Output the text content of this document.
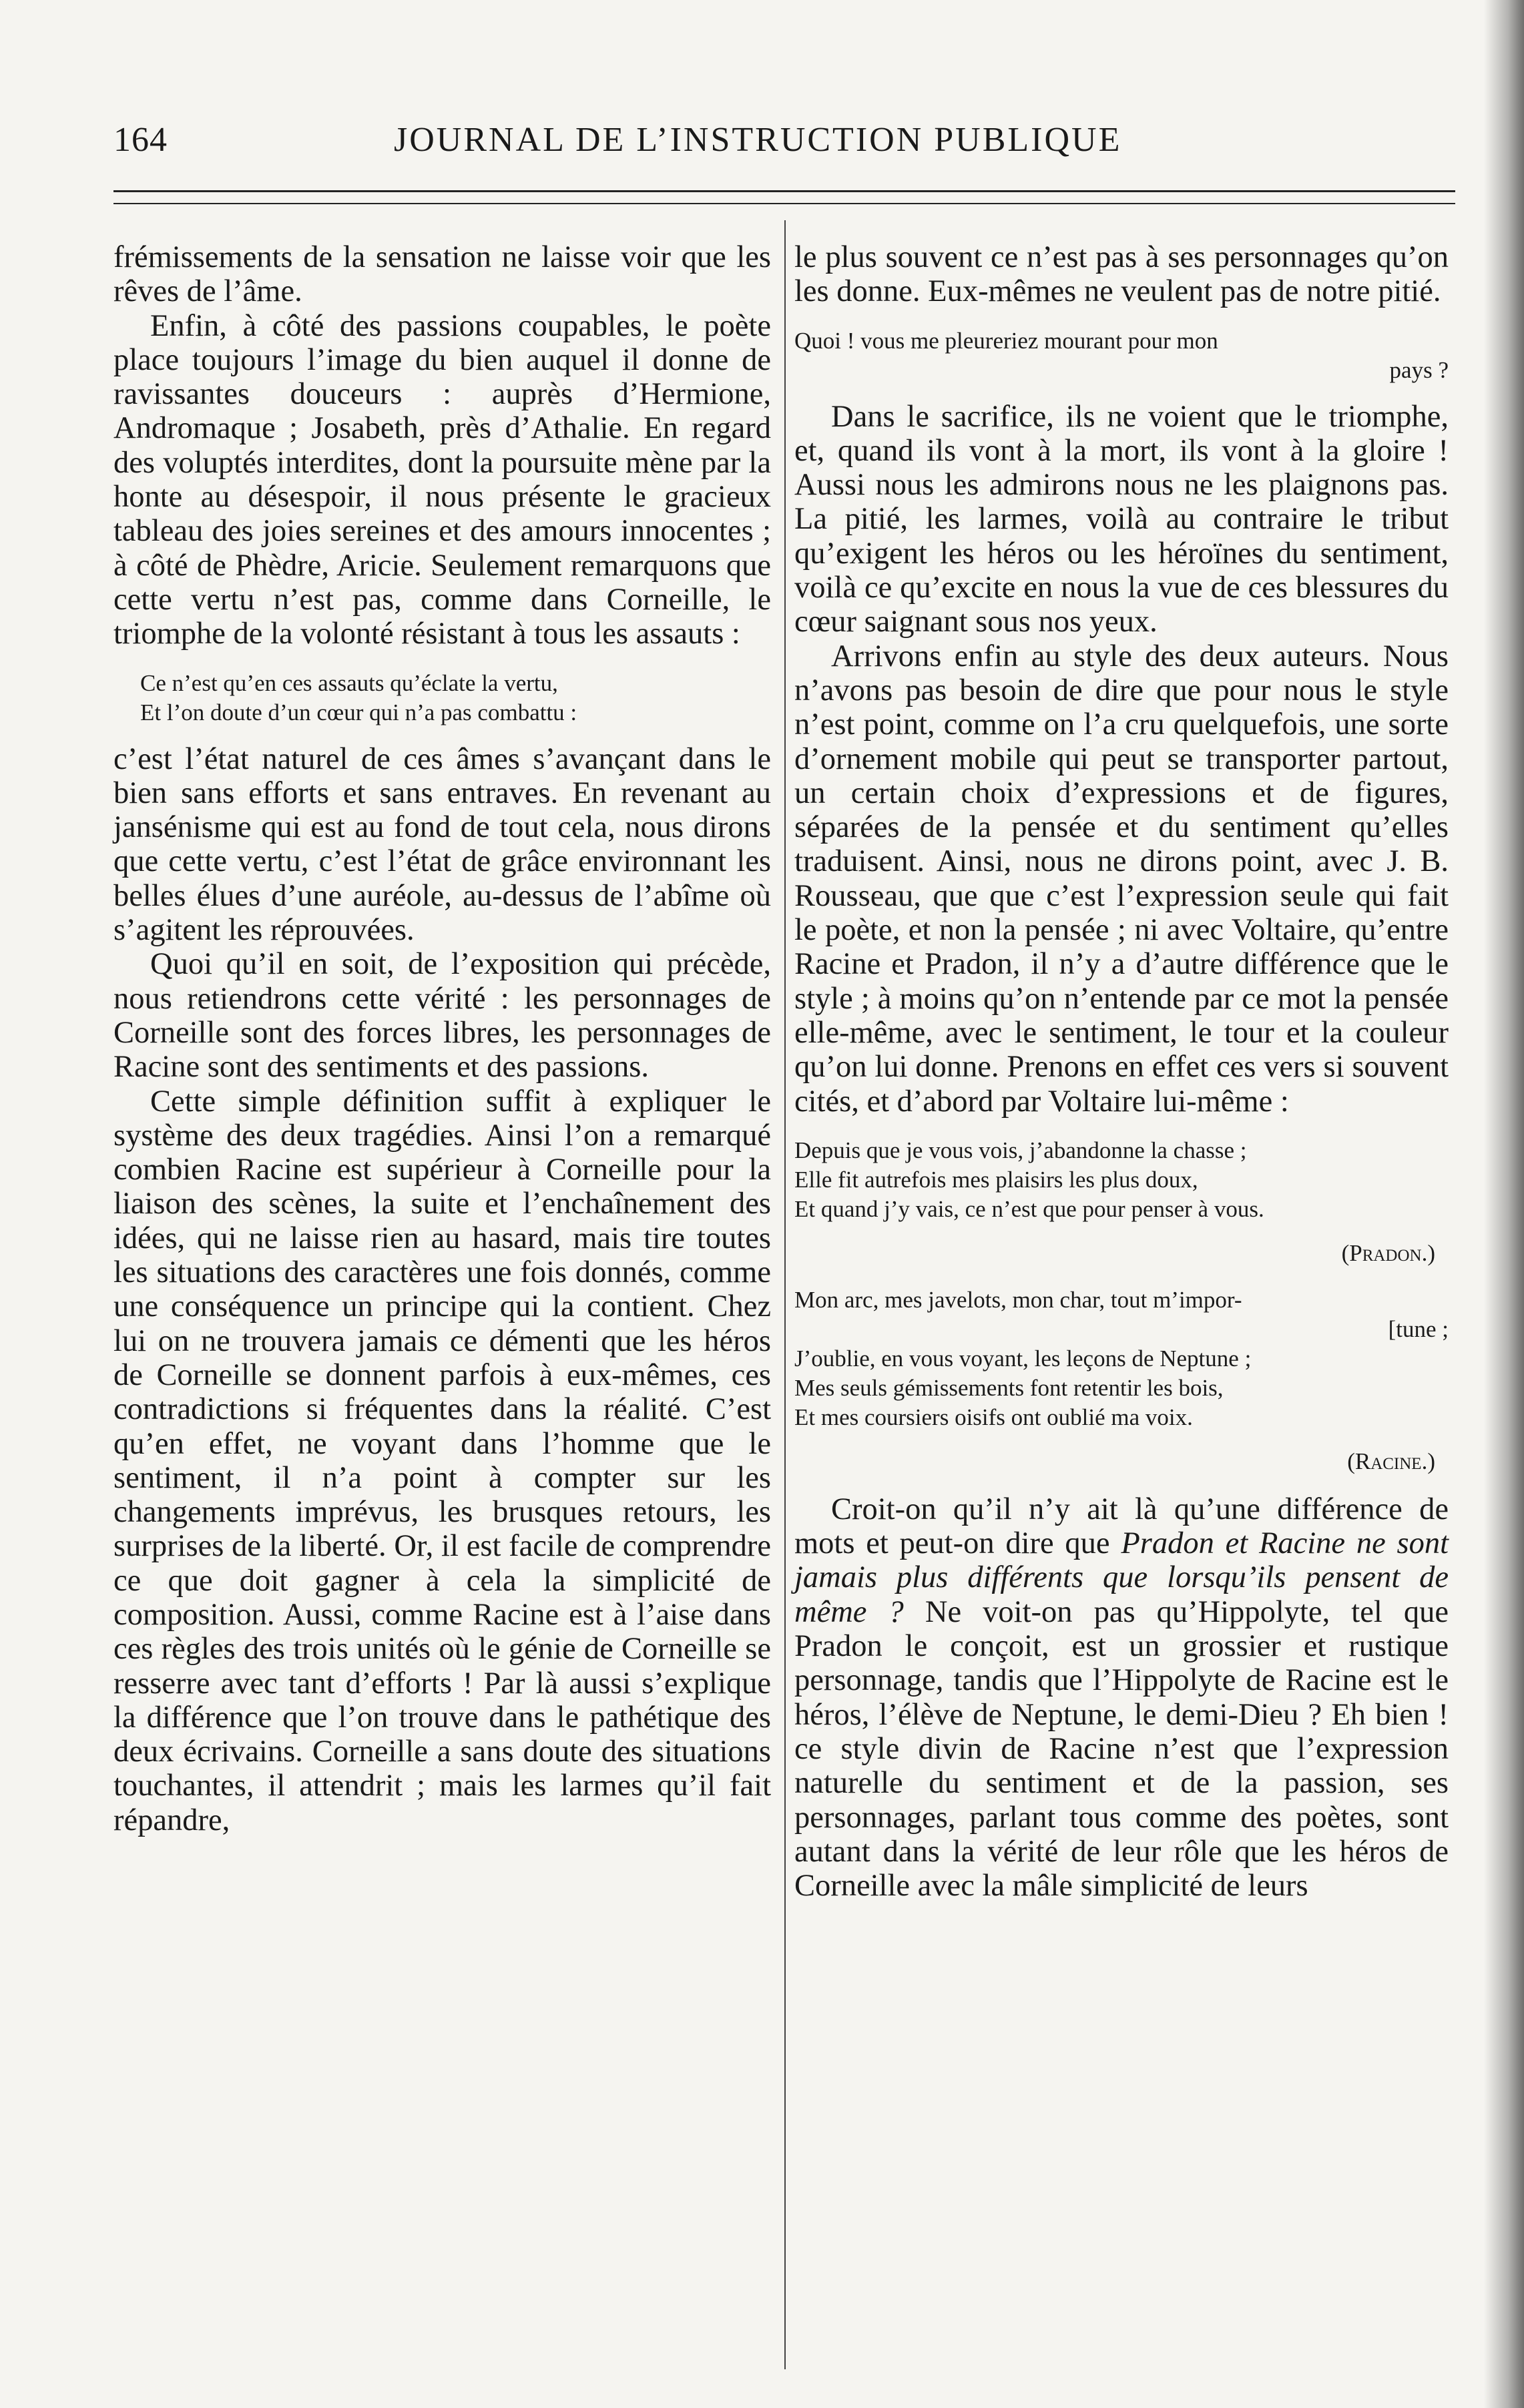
164	JOURNAL DE L’INSTRUCTION PUBLIQUE

frémissements de la sensation ne laisse voir que les rêves de l’âme.

Enfin, à côté des passions coupables, le poète place toujours l’image du bien auquel il donne de ravissantes douceurs : auprès d’Hermione, Andromaque ; Josabeth, près d’Athalie. En regard des voluptés interdites, dont la poursuite mène par la honte au désespoir, il nous présente le gracieux tableau des joies sereines et des amours innocentes ; à côté de Phèdre, Aricie. Seulement remarquons que cette vertu n’est pas, comme dans Corneille, le triomphe de la volonté résistant à tous les assauts :

Ce n’est qu’en ces assauts qu’éclate la vertu,
Et l’on doute d’un cœur qui n’a pas combattu :

c’est l’état naturel de ces âmes s’avançant dans le bien sans efforts et sans entraves. En revenant au jansénisme qui est au fond de tout cela, nous dirons que cette vertu, c’est l’état de grâce environnant les belles élues d’une auréole, au-dessus de l’abîme où s’agitent les réprouvées.

Quoi qu’il en soit, de l’exposition qui précède, nous retiendrons cette vérité : les personnages de Corneille sont des forces libres, les personnages de Racine sont des sentiments et des passions.

Cette simple définition suffit à expliquer le système des deux tragédies. Ainsi l’on a remarqué combien Racine est supérieur à Corneille pour la liaison des scènes, la suite et l’enchaînement des idées, qui ne laisse rien au hasard, mais tire toutes les situations des caractères une fois donnés, comme une conséquence un principe qui la contient. Chez lui on ne trouvera jamais ce démenti que les héros de Corneille se donnent parfois à eux-mêmes, ces contradictions si fréquentes dans la réalité. C’est qu’en effet, ne voyant dans l’homme que le sentiment, il n’a point à compter sur les changements imprévus, les brusques retours, les surprises de la liberté. Or, il est facile de comprendre ce que doit gagner à cela la simplicité de composition. Aussi, comme Racine est à l’aise dans ces règles des trois unités où le génie de Corneille se resserre avec tant d’efforts ! Par là aussi s’explique la différence que l’on trouve dans le pathétique des deux écrivains. Corneille a sans doute des situations touchantes, il attendrit ; mais les larmes qu’il fait répandre,

le plus souvent ce n’est pas à ses personnages qu’on les donne. Eux-mêmes ne veulent pas de notre pitié.

Quoi ! vous me pleureriez mourant pour mon
pays ?

Dans le sacrifice, ils ne voient que le triomphe, et, quand ils vont à la mort, ils vont à la gloire ! Aussi nous les admirons nous ne les plaignons pas. La pitié, les larmes, voilà au contraire le tribut qu’exigent les héros ou les héroïnes du sentiment, voilà ce qu’excite en nous la vue de ces blessures du cœur saignant sous nos yeux.

Arrivons enfin au style des deux auteurs. Nous n’avons pas besoin de dire que pour nous le style n’est point, comme on l’a cru quelquefois, une sorte d’ornement mobile qui peut se transporter partout, un certain choix d’expressions et de figures, séparées de la pensée et du sentiment qu’elles traduisent. Ainsi, nous ne dirons point, avec J. B. Rousseau, que que c’est l’expression seule qui fait le poète, et non la pensée ; ni avec Voltaire, qu’entre Racine et Pradon, il n’y a d’autre différence que le style ; à moins qu’on n’entende par ce mot la pensée elle-même, avec le sentiment, le tour et la couleur qu’on lui donne. Prenons en effet ces vers si souvent cités, et d’abord par Voltaire lui-même :

Depuis que je vous vois, j’abandonne la chasse ;
Elle fit autrefois mes plaisirs les plus doux,
Et quand j’y vais, ce n’est que pour penser à vous.
(Pradon.)
Mon arc, mes javelots, mon char, tout m’impor-
[tune ;
J’oublie, en vous voyant, les leçons de Neptune ;
Mes seuls gémissements font retentir les bois,
Et mes coursiers oisifs ont oublié ma voix.
(Racine.)

Croit-on qu’il n’y ait là qu’une différence de mots et peut-on dire que Pradon et Racine ne sont jamais plus différents que lorsqu’ils pensent de même ? Ne voit-on pas qu’Hippolyte, tel que Pradon le conçoit, est un grossier et rustique personnage, tandis que l’Hippolyte de Racine est le héros, l’élève de Neptune, le demi-Dieu ? Eh bien ! ce style divin de Racine n’est que l’expression naturelle du sentiment et de la passion, ses personnages, parlant tous comme des poètes, sont autant dans la vérité de leur rôle que les héros de Corneille avec la mâle simplicité de leurs
